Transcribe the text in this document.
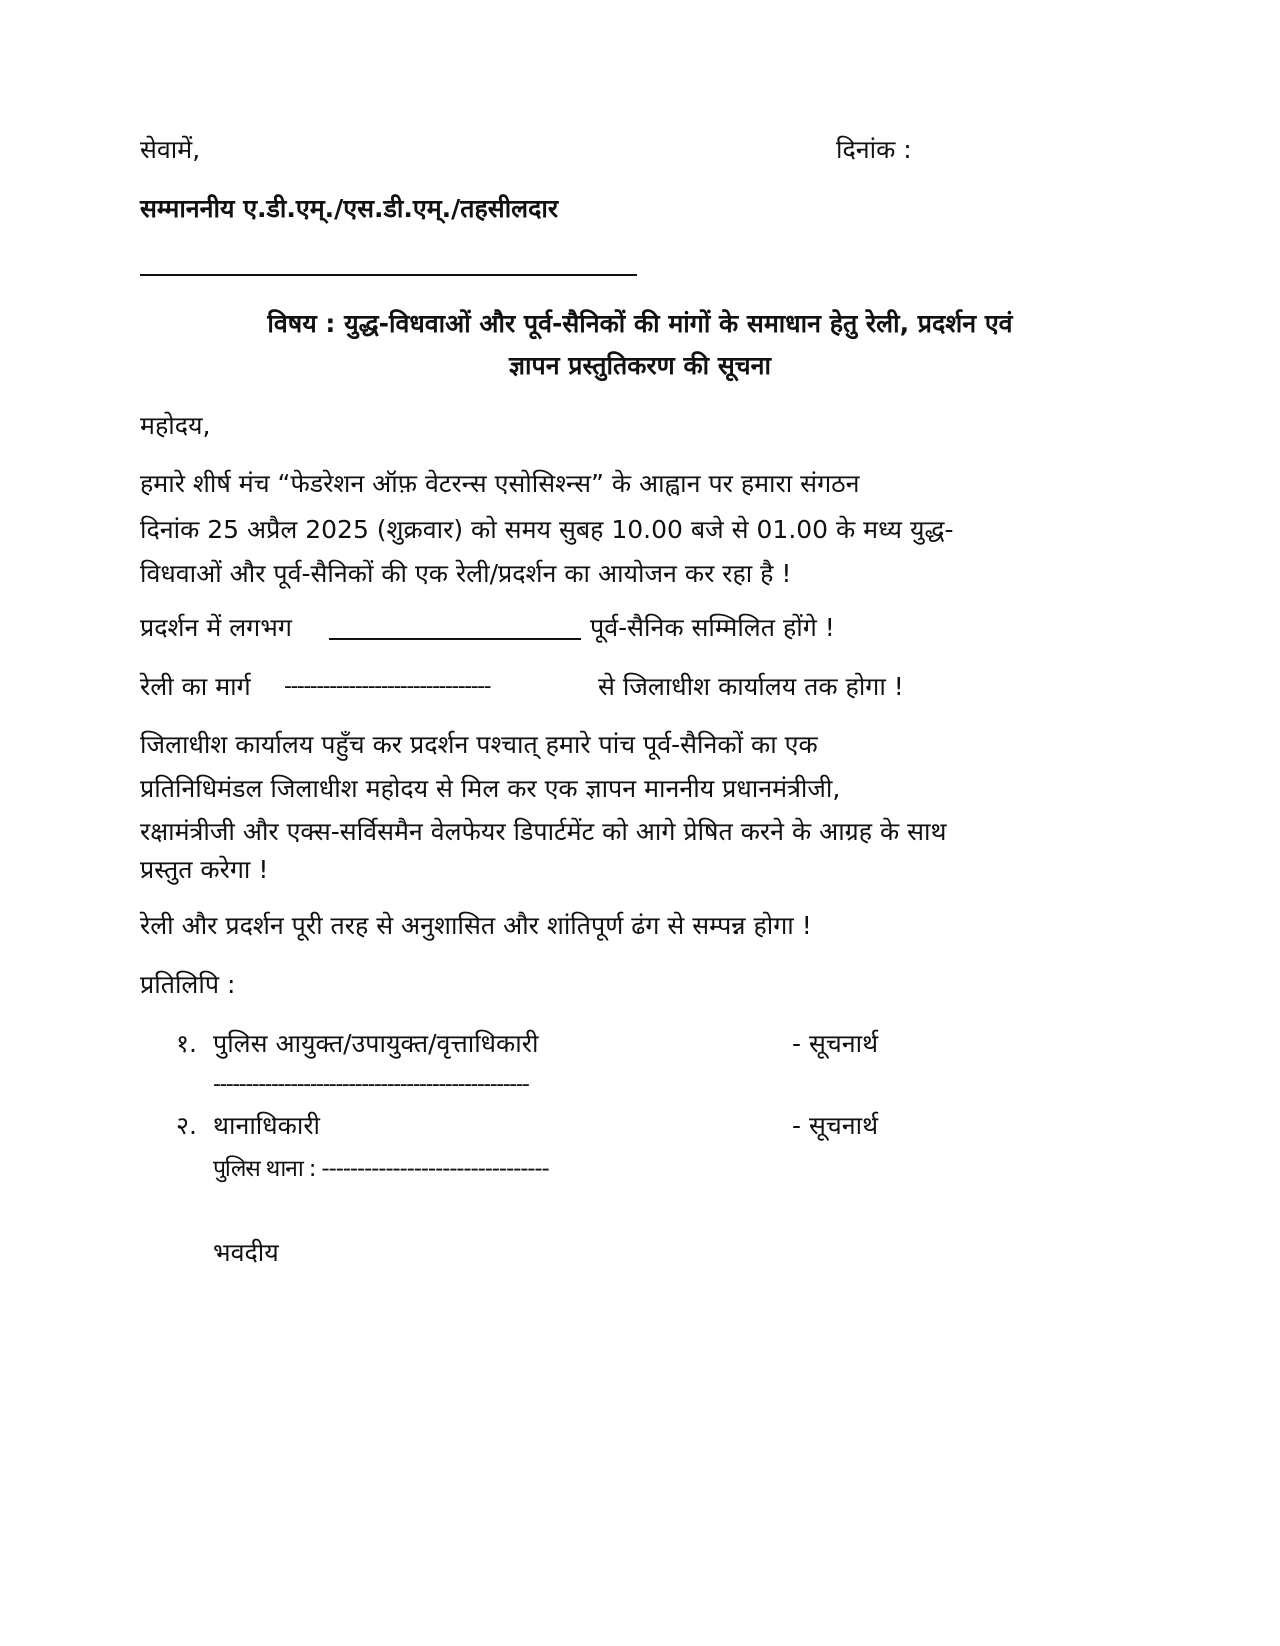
सेवामें,	दिनांक :
सम्माननीय ए.डी.एम्./एस.डी.एम्./तहसीलदार
विषय : युद्ध-विधवाओं और पूर्व-सैनिकों की मांगों के समाधान हेतु रेली, प्रदर्शन एवं
ज्ञापन प्रस्तुतिकरण की सूचना
महोदय,
हमारे शीर्ष मंच “फेडरेशन ऑफ़ वेटरन्स एसोसिश्न्स” के आह्वान पर हमारा संगठन
दिनांक 25 अप्रैल 2025 (शुक्रवार) को समय सुबह 10.00 बजे से 01.00 के मध्य युद्ध-
विधवाओं और पूर्व-सैनिकों की एक रेली/प्रदर्शन का आयोजन कर रहा है !
प्रदर्शन में लगभग	पूर्व-सैनिक सम्मिलित होंगे !
रेली का मार्ग --------------------------------	से जिलाधीश कार्यालय तक होगा !
जिलाधीश कार्यालय पहुँच कर प्रदर्शन पश्चात् हमारे पांच पूर्व-सैनिकों का एक
प्रतिनिधिमंडल जिलाधीश महोदय से मिल कर एक ज्ञापन माननीय प्रधानमंत्रीजी,
रक्षामंत्रीजी और एक्स-सर्विसमैन वेलफेयर डिपार्टमेंट को आगे प्रेषित करने के आग्रह के साथ
प्रस्तुत करेगा !
रेली और प्रदर्शन पूरी तरह से अनुशासित और शांतिपूर्ण ढंग से सम्पन्न होगा !
प्रतिलिपि :
१. पुलिस आयुक्त/उपायुक्त/वृत्ताधिकारी	- सूचनार्थ
-------------------------------------------------
२. थानाधिकारी	- सूचनार्थ
पुलिस थाना : --------------------------------
भवदीय
